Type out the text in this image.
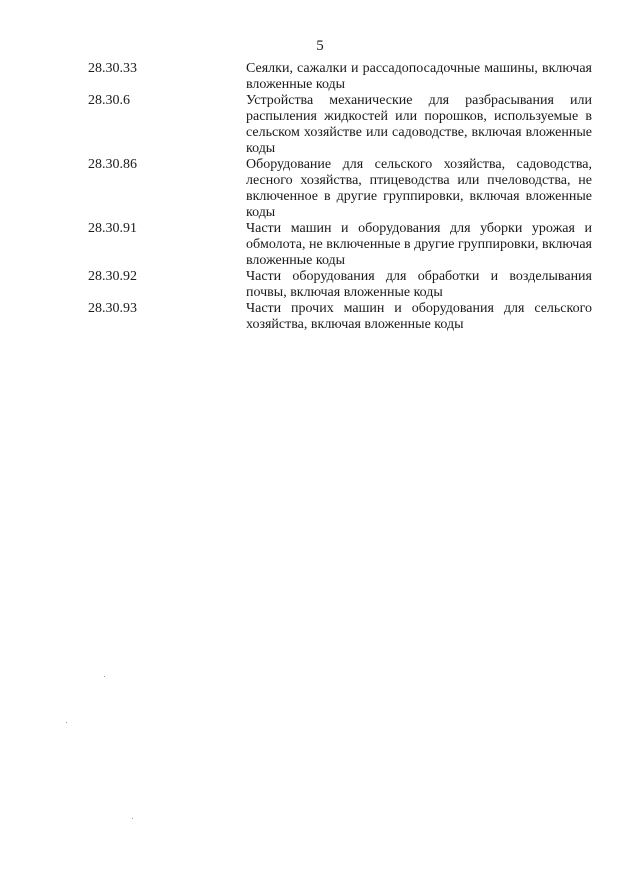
5
28.30.33	Сеялки, сажалки и рассадопосадочные машины, включая вложенные коды
28.30.6	Устройства механические для разбрасывания или распыления жидкостей или порошков, используемые в сельском хозяйстве или садоводстве, включая вложенные коды
28.30.86	Оборудование для сельского хозяйства, садоводства, лесного хозяйства, птицеводства или пчеловодства, не включенное в другие группировки, включая вложенные коды
28.30.91	Части машин и оборудования для уборки урожая и обмолота, не включенные в другие группировки, включая вложенные коды
28.30.92	Части оборудования для обработки и возделывания почвы, включая вложенные коды
28.30.93	Части прочих машин и оборудования для сельского хозяйства, включая вложенные коды
